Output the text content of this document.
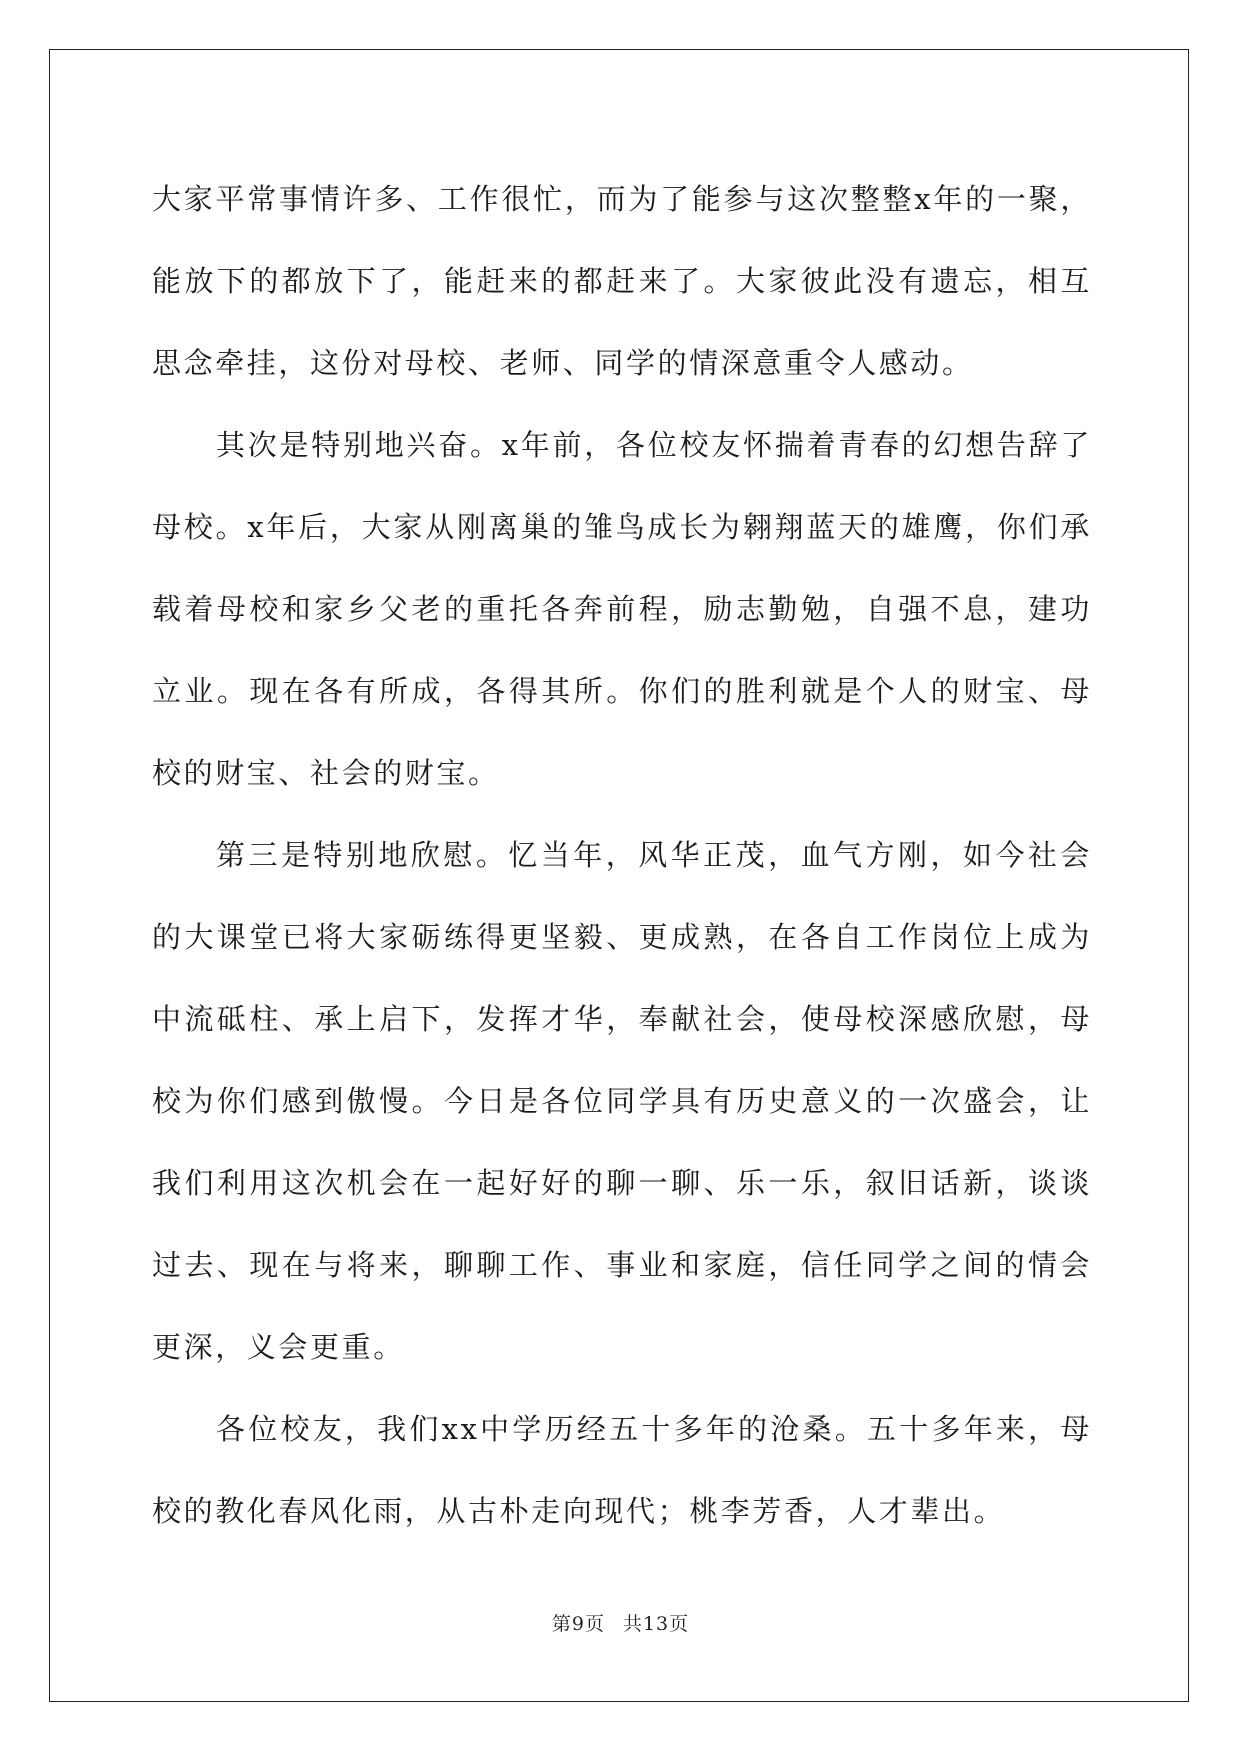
大家平常事情许多、工作很忙，而为了能参与这次整整x年的一聚，能放下的都放下了，能赶来的都赶来了。大家彼此没有遗忘，相互思念牵挂，这份对母校、老师、同学的情深意重令人感动。

其次是特别地兴奋。x年前，各位校友怀揣着青春的幻想告辞了母校。x年后，大家从刚离巢的雏鸟成长为翱翔蓝天的雄鹰，你们承载着母校和家乡父老的重托各奔前程，励志勤勉，自强不息，建功立业。现在各有所成，各得其所。你们的胜利就是个人的财宝、母校的财宝、社会的财宝。

第三是特别地欣慰。忆当年，风华正茂，血气方刚，如今社会的大课堂已将大家砺练得更坚毅、更成熟，在各自工作岗位上成为中流砥柱、承上启下，发挥才华，奉献社会，使母校深感欣慰，母校为你们感到傲慢。今日是各位同学具有历史意义的一次盛会，让我们利用这次机会在一起好好的聊一聊、乐一乐，叙旧话新，谈谈过去、现在与将来，聊聊工作、事业和家庭，信任同学之间的情会更深，义会更重。

各位校友，我们xx中学历经五十多年的沧桑。五十多年来，母校的教化春风化雨，从古朴走向现代；桃李芳香，人才辈出。

第9页 共13页
